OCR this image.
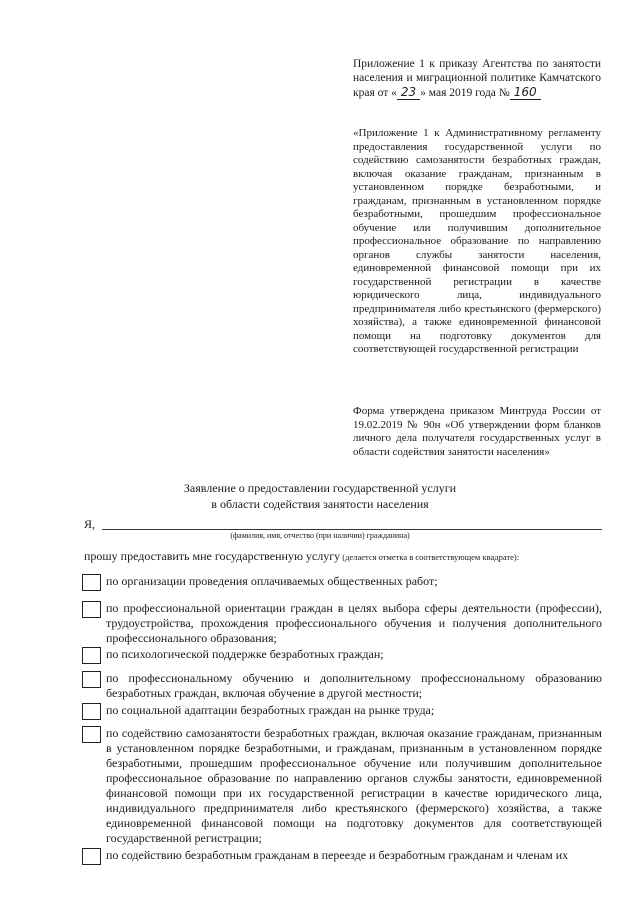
Приложение 1 к приказу Агентства по занятости населения и миграционной политике Камчатского края от « 23 » мая 2019 года № 160

«Приложение 1 к Административному регламенту предоставления государственной услуги по содействию самозанятости безработных граждан, включая оказание гражданам, признанным в установленном порядке безработными, и гражданам, признанным в установленном порядке безработными, прошедшим профессиональное обучение или получившим дополнительное профессиональное образование по направлению органов службы занятости населения, единовременной финансовой помощи при их государственной регистрации в качестве юридического лица, индивидуального предпринимателя либо крестьянского (фермерского) хозяйства), а также единовременной финансовой помощи на подготовку документов для соответствующей государственной регистрации

Форма утверждена приказом Минтруда России от 19.02.2019 № 90н «Об утверждении форм бланков личного дела получателя государственных услуг в области содействия занятости населения»

Заявление о предоставлении государственной услуги

в области содействия занятости населения

Я,
(фамилия, имя, отчество (при наличии) гражданина)
прошу предоставить мне государственную услугу (делается отметка в соответствующем квадрате):
по организации проведения оплачиваемых общественных работ;
по профессиональной ориентации граждан в целях выбора сферы деятельности (профессии), трудоустройства, прохождения профессионального обучения и получения дополнительного профессионального образования;
по психологической поддержке безработных граждан;
по профессиональному обучению и дополнительному профессиональному образованию безработных граждан, включая обучение в другой местности;
по социальной адаптации безработных граждан на рынке труда;
по содействию самозанятости безработных граждан, включая оказание гражданам, признанным в установленном порядке безработными, и гражданам, признанным в установленном порядке безработными, прошедшим профессиональное обучение или получившим дополнительное профессиональное образование по направлению органов службы занятости, единовременной финансовой помощи при их государственной регистрации в качестве юридического лица, индивидуального предпринимателя либо крестьянского (фермерского) хозяйства, а также единовременной финансовой помощи на подготовку документов для соответствующей государственной регистрации;
по содействию безработным гражданам в переезде и безработным гражданам и членам их
